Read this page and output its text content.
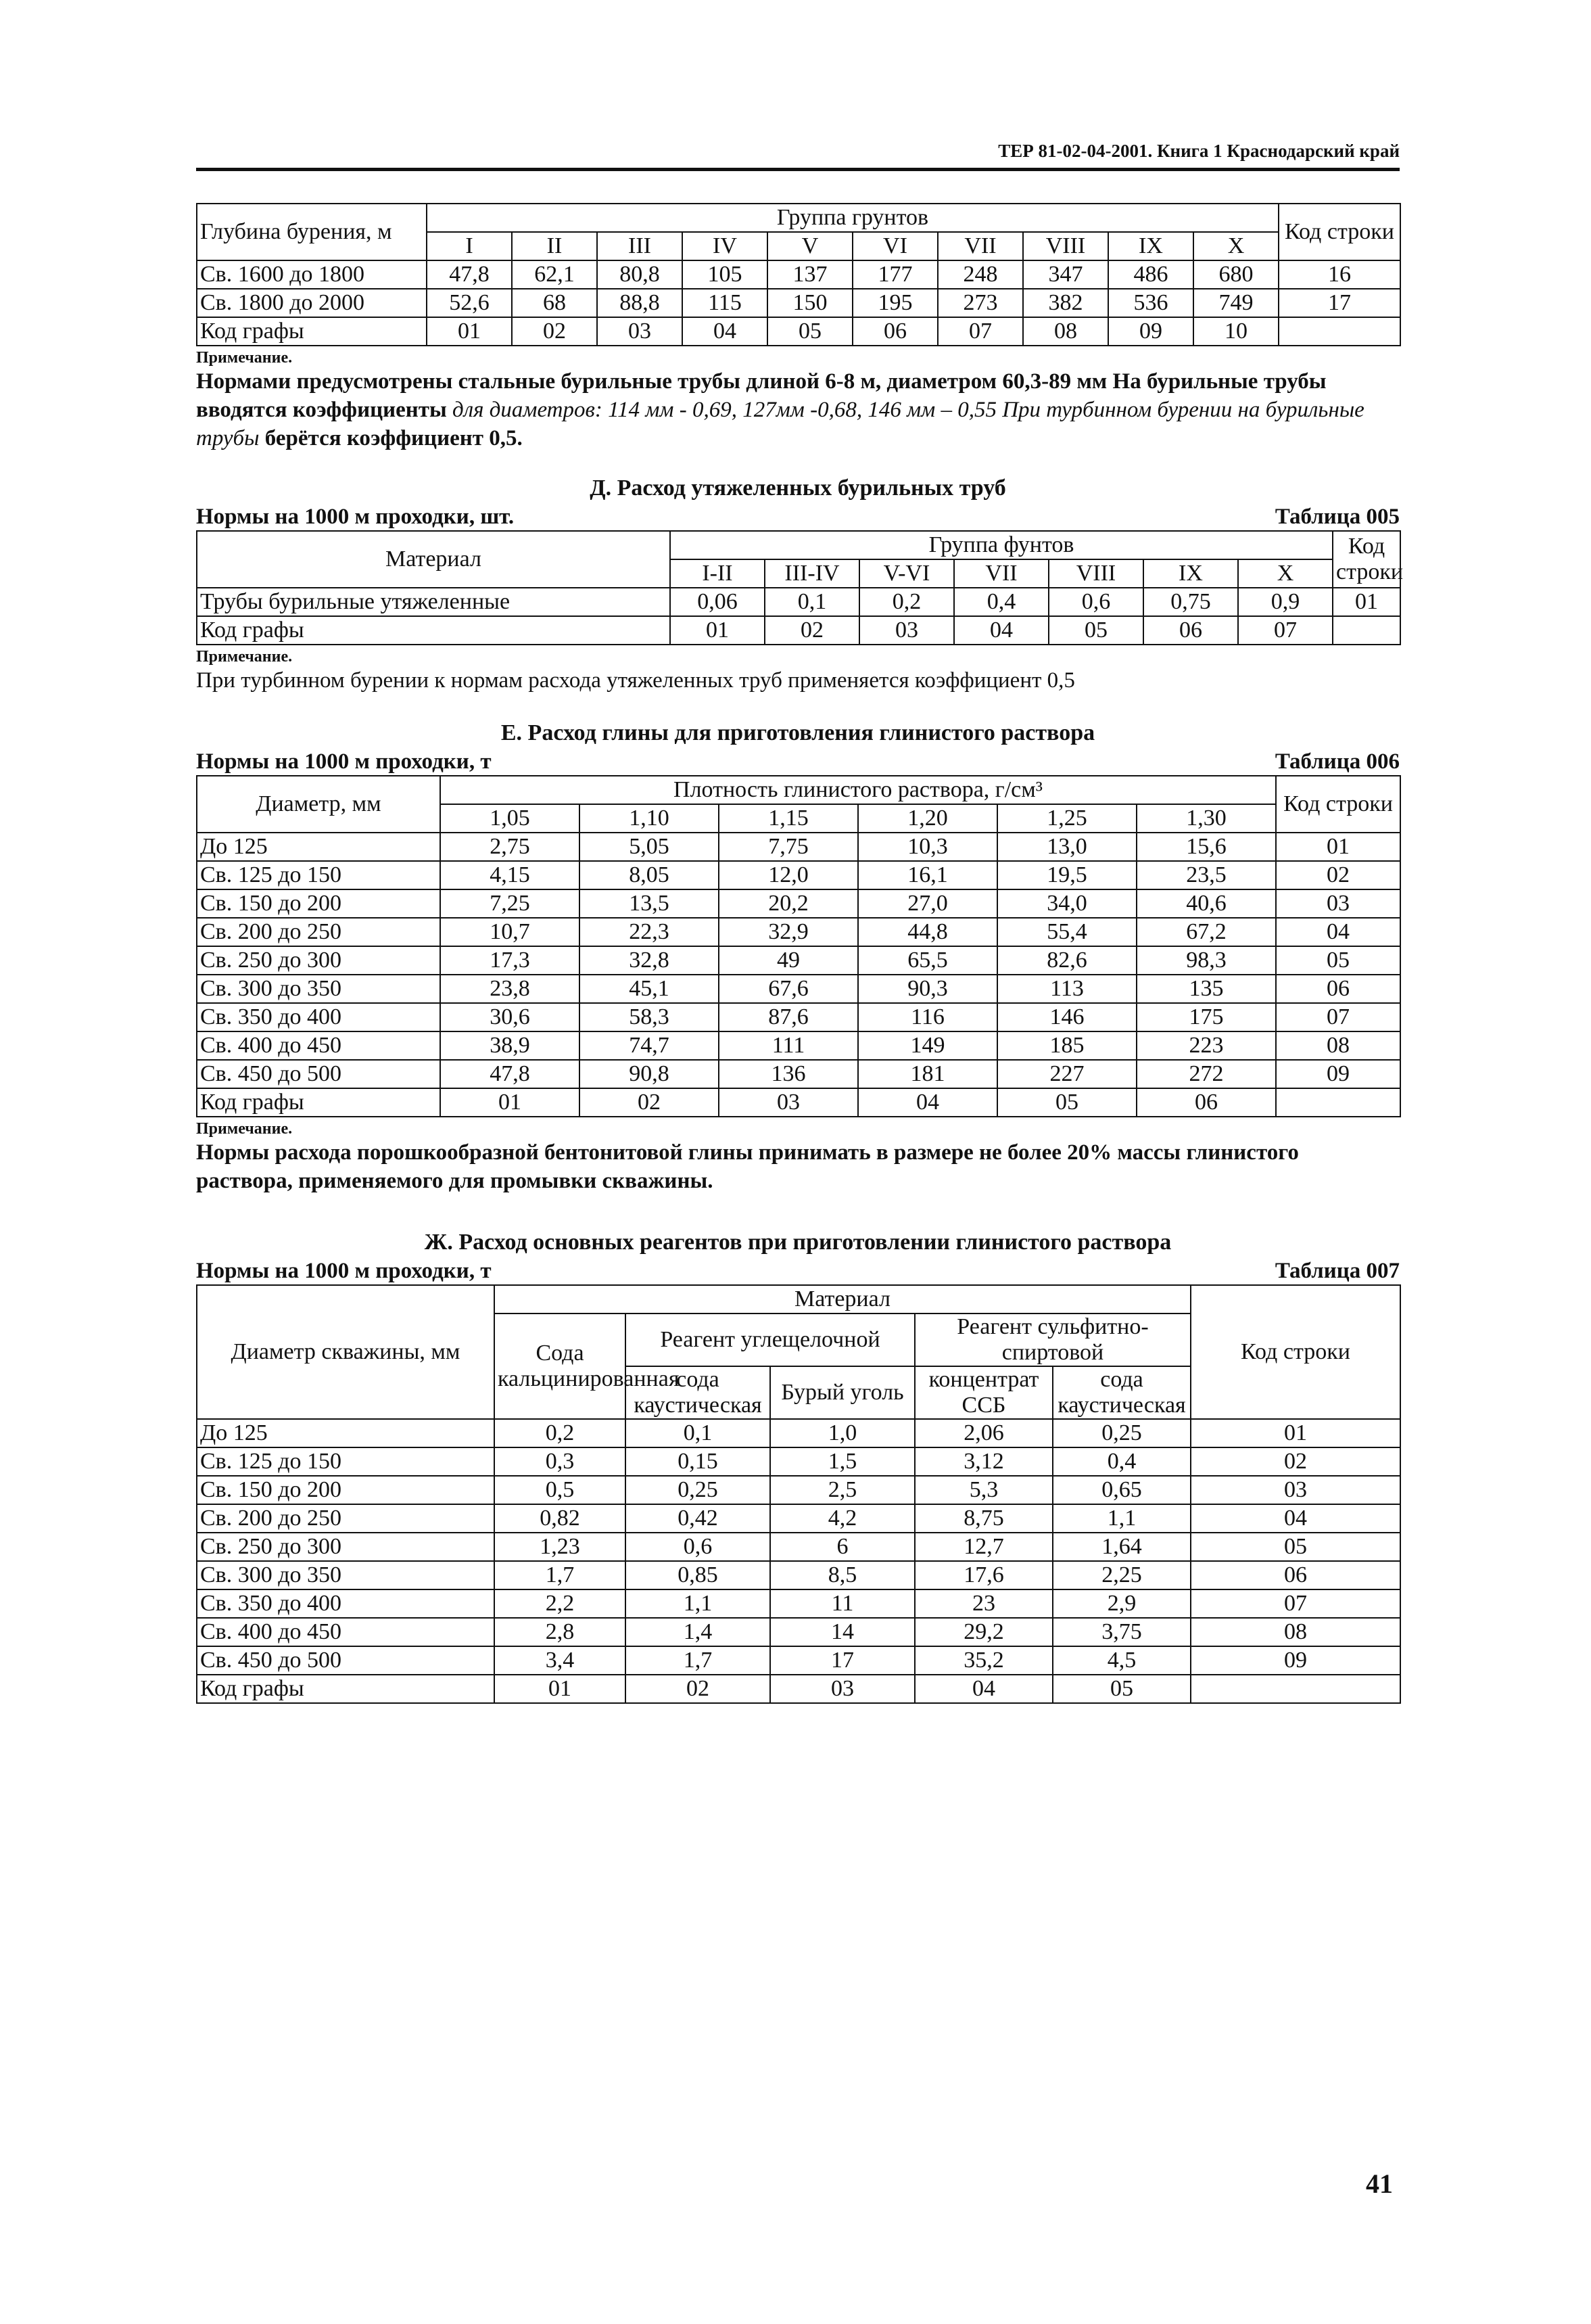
ТЕР 81-02-04-2001. Книга 1 Краснодарский край
Глубина бурения, м	Группа грунтов										Код строки
	I	II	III	IV	V	VI	VII	VIII	IX	X	
Св. 1600 до 1800	47,8	62,1	80,8	105	137	177	248	347	486	680	16
Св. 1800 до 2000	52,6	68	88,8	115	150	195	273	382	536	749	17
Код графы	01	02	03	04	05	06	07	08	09	10	
Примечание.
Нормами предусмотрены стальные бурильные трубы длиной 6-8 м, диаметром 60,3-89 мм На бурильные трубы вводятся коэффициенты для диаметров: 114 мм - 0,69, 127мм -0,68, 146 мм – 0,55 При турбинном бурении на бурильные трубы берётся коэффициент 0,5.
Д. Расход утяжеленных бурильных труб
Нормы на 1000 м проходки, шт.	Таблица 005
Материал	Группа фунтов							Код строки
	I-II	III-IV	V-VI	VII	VIII	IX	X	
Трубы бурильные утяжеленные	0,06	0,1	0,2	0,4	0,6	0,75	0,9	01
Код графы	01	02	03	04	05	06	07	
Примечание.
При турбинном бурении к нормам расхода утяжеленных труб применяется коэффициент 0,5
Е. Расход глины для приготовления глинистого раствора
Нормы на 1000 м проходки, т	Таблица 006
Диаметр, мм	Плотность глинистого раствора, г/см³						Код строки
	1,05	1,10	1,15	1,20	1,25	1,30	
До 125	2,75	5,05	7,75	10,3	13,0	15,6	01
Св. 125 до 150	4,15	8,05	12,0	16,1	19,5	23,5	02
Св. 150 до 200	7,25	13,5	20,2	27,0	34,0	40,6	03
Св. 200 до 250	10,7	22,3	32,9	44,8	55,4	67,2	04
Св. 250 до 300	17,3	32,8	49	65,5	82,6	98,3	05
Св. 300 до 350	23,8	45,1	67,6	90,3	113	135	06
Св. 350 до 400	30,6	58,3	87,6	116	146	175	07
Св. 400 до 450	38,9	74,7	111	149	185	223	08
Св. 450 до 500	47,8	90,8	136	181	227	272	09
Код графы	01	02	03	04	05	06	
Примечание.
Нормы расхода порошкообразной бентонитовой глины принимать в размере не более 20% массы глинистого раствора, применяемого для промывки скважины.
Ж. Расход основных реагентов при приготовлении глинистого раствора
Нормы на 1000 м проходки, т	Таблица 007
Диаметр скважины, мм	Материал					Код строки
	Сода кальцинированная	Реагент углещелочной		Реагент сульфитно-спиртовой		
		сода каустическая	Бурый уголь	концентрат ССБ	сода каустическая	
До 125	0,2	0,1	1,0	2,06	0,25	01
Св. 125 до 150	0,3	0,15	1,5	3,12	0,4	02
Св. 150 до 200	0,5	0,25	2,5	5,3	0,65	03
Св. 200 до 250	0,82	0,42	4,2	8,75	1,1	04
Св. 250 до 300	1,23	0,6	6	12,7	1,64	05
Св. 300 до 350	1,7	0,85	8,5	17,6	2,25	06
Св. 350 до 400	2,2	1,1	11	23	2,9	07
Св. 400 до 450	2,8	1,4	14	29,2	3,75	08
Св. 450 до 500	3,4	1,7	17	35,2	4,5	09
Код графы	01	02	03	04	05	
41
